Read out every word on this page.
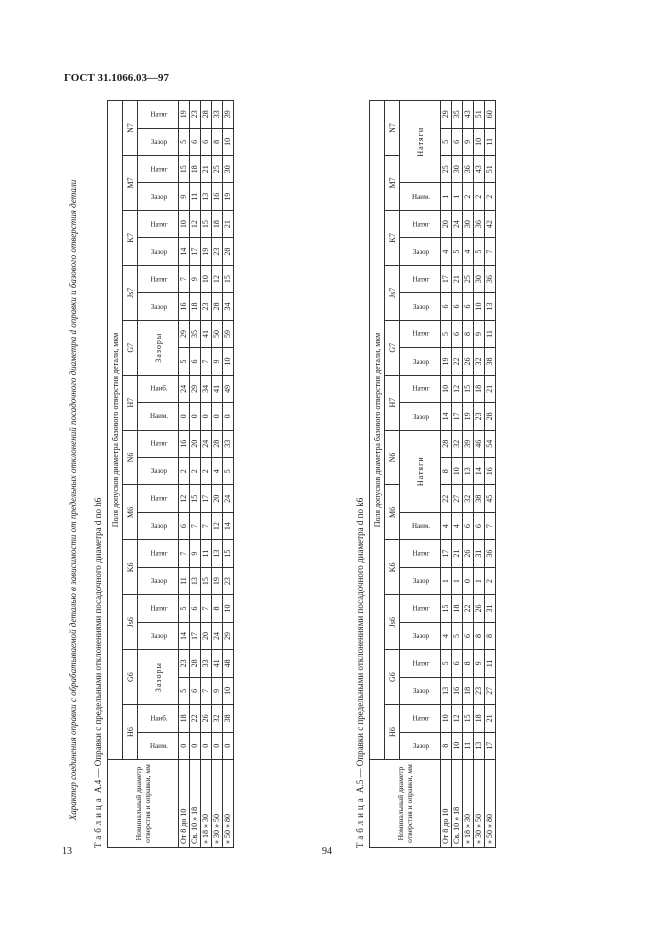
ГОСТ 31.1066.03—97
Характер соединения оправки с обрабатываемой деталью в зависимости от предельных отклонений посадочного диаметра d оправки и базового отверстия детали
Таблица А.4 — Оправки с предельными отклонениями посадочного диаметра d по h6
Номинальный диаметр отверстия и оправки, мм	Поля допусков диаметра базового отверстия детали, мкм																							
	H6		G6		Js6		K6		M6		N6		H7		G7		Js7		K7		M7		N7	
	Наим.	Наиб.	Зазоры		Зазор	Натяг	Зазор	Натяг	Зазор	Натяг	Зазор	Натяг	Наим.	Наиб.	Зазоры		Зазор	Натяг	Зазор	Натяг	Зазор	Натяг	Зазор	Натяг
От 8 до 10	0	18	5	23	14	5	11	7	6	12	2	16	0	24	5	29	16	7	14	10	9	15	5	19
Св. 10 » 18	0	22	6	28	17	6	13	9	7	15	2	20	0	29	6	35	18	9	17	12	11	18	6	23
» 18 » 30	0	26	7	33	20	7	15	11	7	17	2	24	0	34	7	41	23	10	19	15	13	21	6	28
» 30 » 50	0	32	9	41	24	8	19	13	12	20	4	28	0	41	9	50	28	12	23	18	16	25	8	33
» 50 » 80	0	38	10	48	29	10	23	15	14	24	5	33	0	49	10	59	34	15	28	21	19	30	10	39
Таблица А.5 — Оправки с предельными отклонениями посадочного диаметра d по k6
Номинальный диаметр отверстия и оправки, мм	Поля допусков диаметра базового отверстия детали, мкм																							
	H6		G6		Js6		K6		M6		N6		H7		G7		Js7		K7		M7		N7	
	Зазор	Натяг	Зазор	Натяг	Зазор	Натяг	Зазор	Натяг	Наим.	Натяги			Зазор	Натяг	Зазор	Натяг	Зазор	Натяг	Зазор	Натяг	Наим.	Натяги		
От 8 до 10	8	10	13	5	4	15	1	17	4	22	8	28	14	10	19	5	6	17	4	20	1	25	5	29
Св. 10 » 18	10	12	16	6	5	18	1	21	4	27	10	32	17	12	22	6	6	21	5	24	1	30	6	35
» 18 » 30	11	15	18	8	6	22	0	26	6	32	13	39	19	15	26	8	6	25	4	30	2	36	9	43
» 30 » 50	13	18	23	9	8	26	1	31	6	38	14	46	23	18	32	9	10	30	5	36	2	43	10	51
» 50 » 80	17	21	27	11	8	31	2	36	7	45	16	54	28	21	38	11	13	36	7	42	2	51	11	60
13	94
